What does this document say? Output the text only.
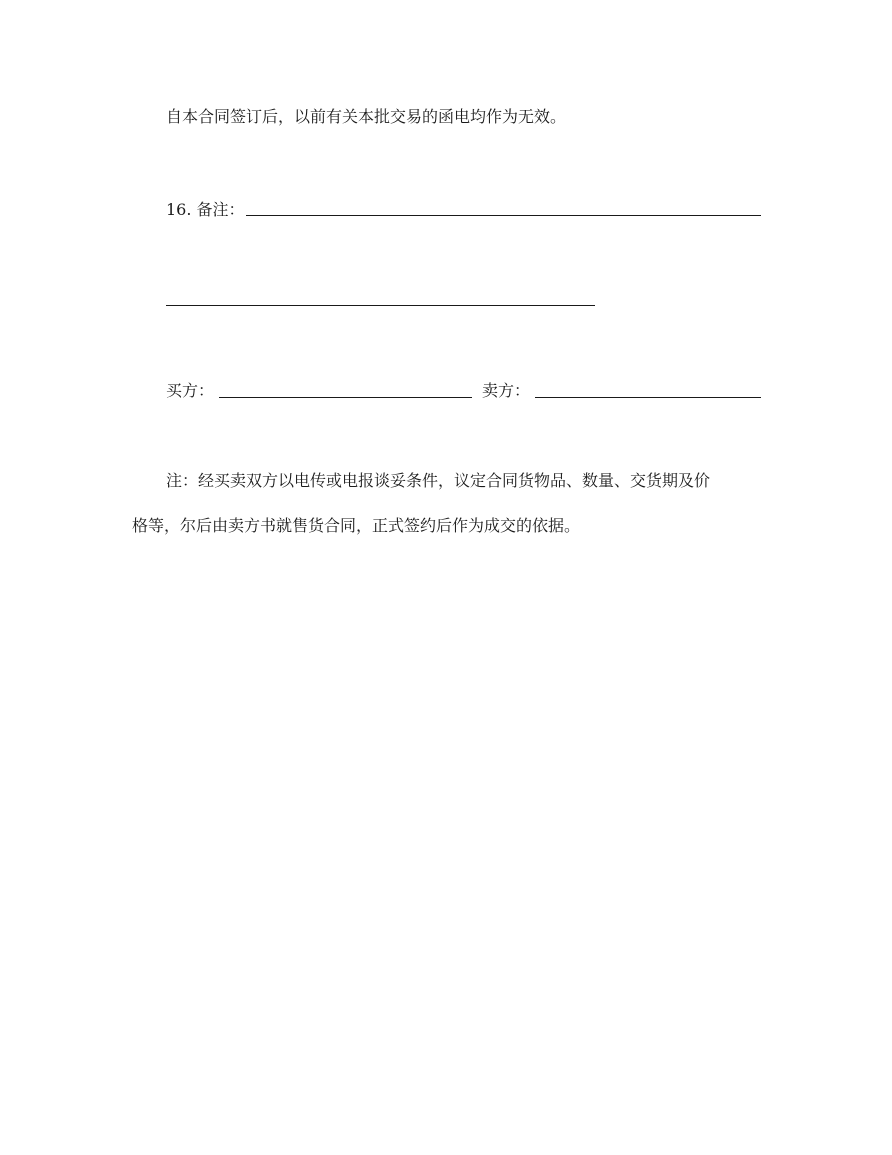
自本合同签订后，以前有关本批交易的函电均作为无效。
16. 备注：
买方：	卖方：
注：经买卖双方以电传或电报谈妥条件，议定合同货物品、数量、交货期及价
格等，尔后由卖方书就售货合同，正式签约后作为成交的依据。
